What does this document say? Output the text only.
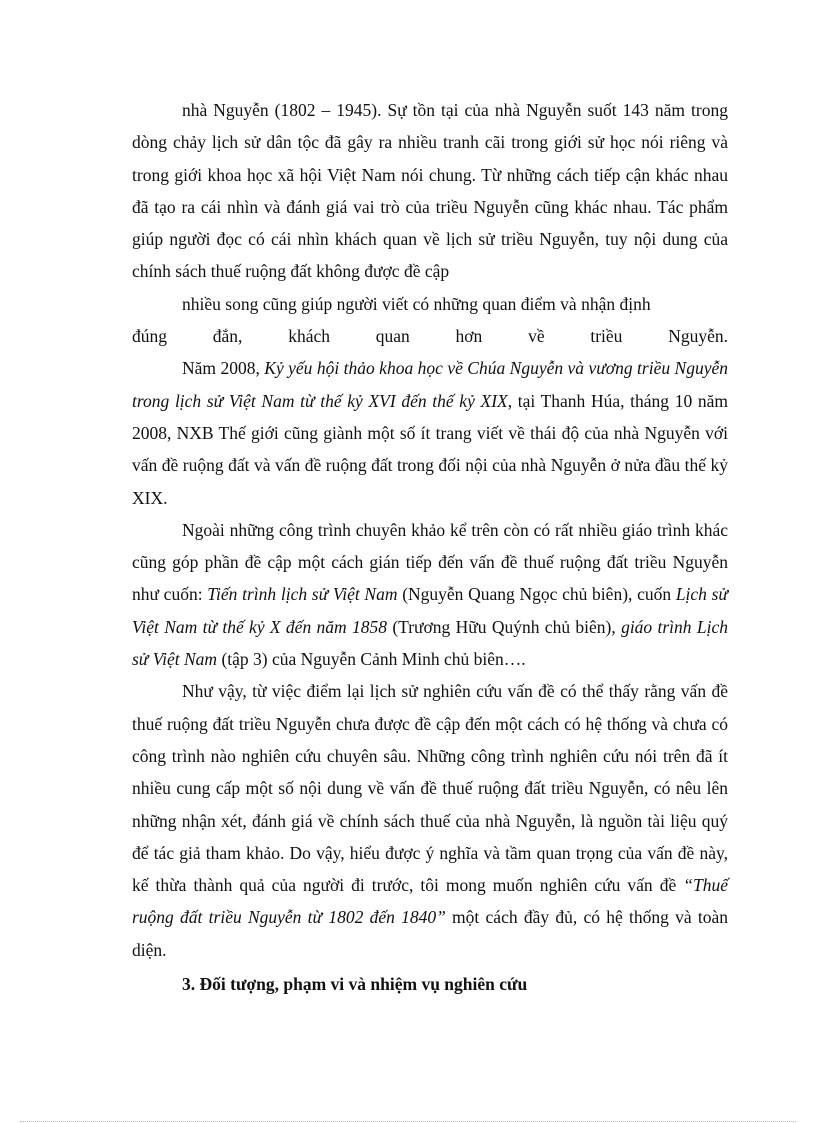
nhà Nguyễn (1802 – 1945). Sự tồn tại của nhà Nguyễn suốt 143 năm trong dòng chảy lịch sử dân tộc đã gây ra nhiều tranh cãi trong giới sử học nói riêng và trong giới khoa học xã hội Việt Nam nói chung. Từ những cách tiếp cận khác nhau đã tạo ra cái nhìn và đánh giá vai trò của triều Nguyễn cũng khác nhau. Tác phẩm giúp người đọc có cái nhìn khách quan về lịch sử triều Nguyễn, tuy nội dung của chính sách thuế ruộng đất không được đề cập

nhiều song cũng giúp người viết có những quan điểm và nhận định

đúng đắn, khách quan hơn về triều Nguyễn.

Năm 2008, Kỷ yếu hội thảo khoa học về Chúa Nguyễn và vương triều Nguyễn trong lịch sử Việt Nam từ thế kỷ XVI đến thế kỷ XIX, tại Thanh Húa, tháng 10 năm 2008, NXB Thế giới cũng giành một số ít trang viết về thái độ của nhà Nguyễn với vấn đề ruộng đất và vấn đề ruộng đất trong đối nội của nhà Nguyễn ở nửa đầu thế kỷ XIX.

Ngoài những công trình chuyên khảo kể trên còn có rất nhiều giáo trình khác cũng góp phần đề cập một cách gián tiếp đến vấn đề thuế ruộng đất triều Nguyễn như cuốn: Tiến trình lịch sử Việt Nam (Nguyễn Quang Ngọc chủ biên), cuốn Lịch sử Việt Nam từ thế kỷ X đến năm 1858 (Trương Hữu Quýnh chủ biên), giáo trình Lịch sử Việt Nam (tập 3) của Nguyễn Cảnh Minh chủ biên….

Như vậy, từ việc điểm lại lịch sử nghiên cứu vấn đề có thể thấy rằng vấn đề thuế ruộng đất triều Nguyễn chưa được đề cập đến một cách có hệ thống và chưa có công trình nào nghiên cứu chuyên sâu. Những công trình nghiên cứu nói trên đã ít nhiều cung cấp một số nội dung về vấn đề thuế ruộng đất triều Nguyễn, có nêu lên những nhận xét, đánh giá về chính sách thuế của nhà Nguyễn, là nguồn tài liệu quý để tác giả tham khảo. Do vậy, hiểu được ý nghĩa và tầm quan trọng của vấn đề này, kế thừa thành quả của người đi trước, tôi mong muốn nghiên cứu vấn đề “Thuế ruộng đất triều Nguyễn từ 1802 đến 1840” một cách đầy đủ, có hệ thống và toàn diện.

3. Đối tượng, phạm vi và nhiệm vụ nghiên cứu
